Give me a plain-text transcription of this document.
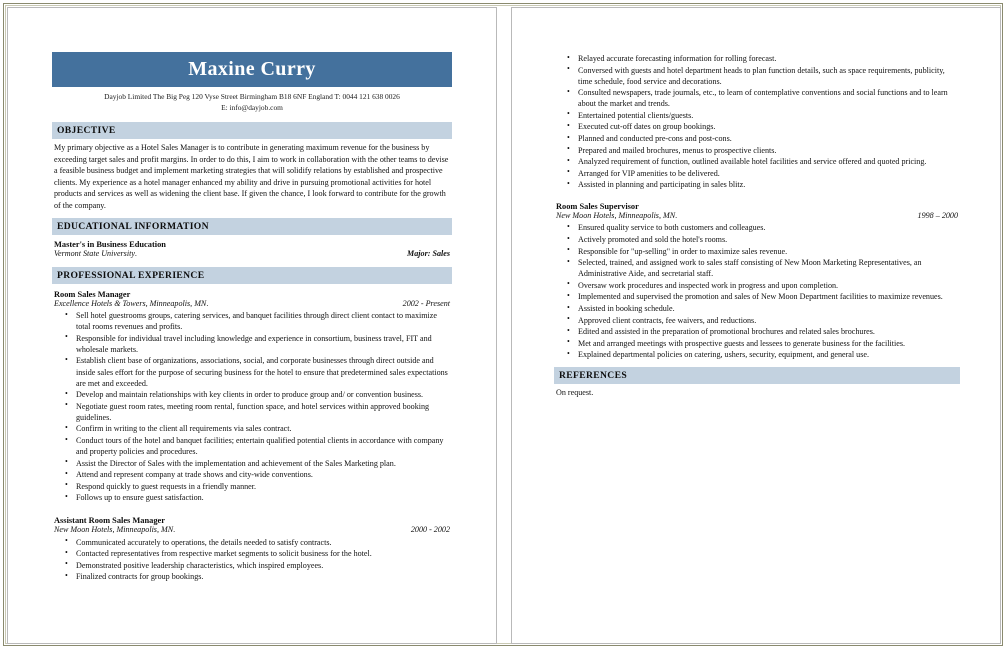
Maxine Curry
Dayjob Limited The Big Peg 120 Vyse Street Birmingham B18 6NF England T: 0044 121 638 0026
E: info@dayjob.com
OBJECTIVE
My primary objective as a Hotel Sales Manager is to contribute in generating maximum revenue for the business by exceeding target sales and profit margins. In order to do this, I aim to work in collaboration with the other teams to devise a feasible business budget and implement marketing strategies that will solidify relations by established and prospective clients. My experience as a hotel manager enhanced my ability and drive in pursuing promotional activities for hotel products and services as well as widening the client base. If given the chance, I look forward to contribute for the growth of the company.
EDUCATIONAL INFORMATION
Master's in Business Education
Vermont State University .	Major: Sales
PROFESSIONAL EXPERIENCE
Room Sales Manager
Excellence Hotels & Towers, Minneapolis, MN .	2002 - Present
• Sell hotel guestrooms groups, catering services, and banquet facilities through direct client contact to maximize total rooms revenues and profits.
• Responsible for individual travel including knowledge and experience in consortium, business travel, FIT and wholesale markets.
• Establish client base of organizations, associations, social, and corporate businesses through direct outside and inside sales effort for the purpose of securing business for the hotel to ensure that predetermined sales expectations are met and exceeded.
• Develop and maintain relationships with key clients in order to produce group and/ or convention business.
• Negotiate guest room rates, meeting room rental, function space, and hotel services within approved booking guidelines.
• Confirm in writing to the client all requirements via sales contract.
• Conduct tours of the hotel and banquet facilities; entertain qualified potential clients in accordance with company and property policies and procedures.
• Assist the Director of Sales with the implementation and achievement of the Sales Marketing plan.
• Attend and represent company at trade shows and city-wide conventions.
• Respond quickly to guest requests in a friendly manner.
• Follows up to ensure guest satisfaction.
Assistant Room Sales Manager
New Moon Hotels, Minneapolis, MN .	2000 - 2002
• Communicated accurately to operations, the details needed to satisfy contracts.
• Contacted representatives from respective market segments to solicit business for the hotel.
• Demonstrated positive leadership characteristics, which inspired employees.
• Finalized contracts for group bookings.
• Relayed accurate forecasting information for rolling forecast.
• Conversed with guests and hotel department heads to plan function details, such as space requirements, publicity, time schedule, food service and decorations.
• Consulted newspapers, trade journals, etc., to learn of contemplative conventions and social functions and to learn about the market and trends.
• Entertained potential clients/guests.
• Executed cut-off dates on group bookings.
• Planned and conducted pre-cons and post-cons.
• Prepared and mailed brochures, menus to prospective clients.
• Analyzed requirement of function, outlined available hotel facilities and service offered and quoted pricing.
• Arranged for VIP amenities to be delivered.
• Assisted in planning and participating in sales blitz.
Room Sales Supervisor
New Moon Hotels, Minneapolis, MN .	1998 – 2000
• Ensured quality service to both customers and colleagues.
• Actively promoted and sold the hotel's rooms.
• Responsible for "up-selling" in order to maximize sales revenue.
• Selected, trained, and assigned work to sales staff consisting of New Moon Marketing Representatives, an Administrative Aide, and secretarial staff.
• Oversaw work procedures and inspected work in progress and upon completion.
• Implemented and supervised the promotion and sales of New Moon Department facilities to maximize revenues.
• Assisted in booking schedule.
• Approved client contracts, fee waivers, and reductions.
• Edited and assisted in the preparation of promotional brochures and related sales brochures.
• Met and arranged meetings with prospective guests and lessees to generate business for the facilities.
• Explained departmental policies on catering, ushers, security, equipment, and general use.
REFERENCES
On request.
